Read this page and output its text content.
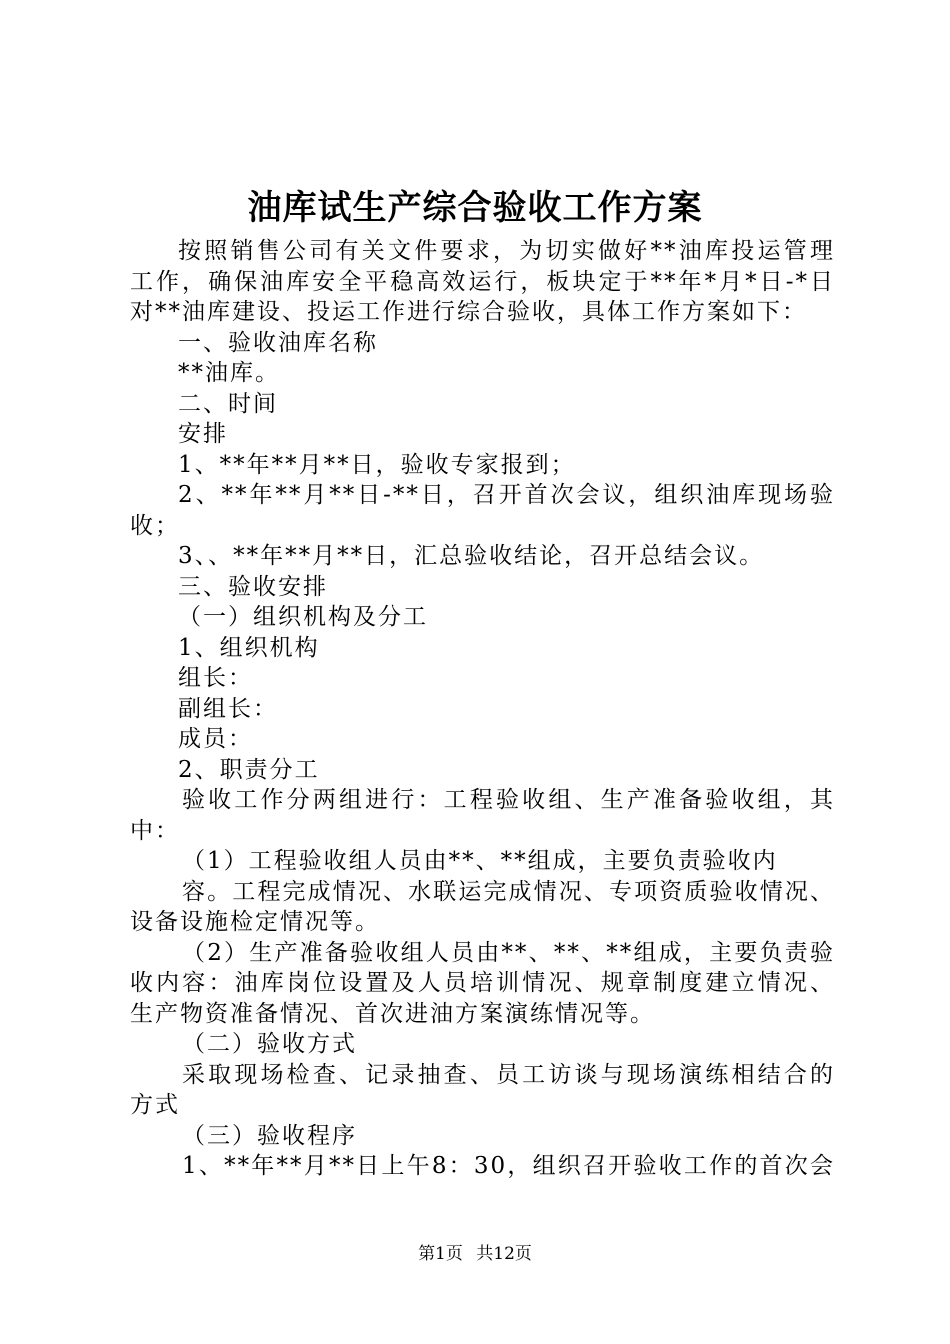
油库试生产综合验收工作方案
按照销售公司有关文件要求，为切实做好**油库投运管理
工作，确保油库安全平稳高效运行，板块定于**年*月*日-*日
对**油库建设、投运工作进行综合验收，具体工作方案如下：
一、验收油库名称
**油库。
二、时间
安排
1、**年**月**日，验收专家报到；
2、**年**月**日-**日，召开首次会议，组织油库现场验
收；
3、、**年**月**日，汇总验收结论，召开总结会议。
三、验收安排
（一）组织机构及分工
1、组织机构
组长：
副组长：
成员：
2、职责分工
验收工作分两组进行：工程验收组、生产准备验收组，其
中：
（1）工程验收组人员由**、**组成，主要负责验收内
容。工程完成情况、水联运完成情况、专项资质验收情况、
设备设施检定情况等。
（2）生产准备验收组人员由**、**、**组成，主要负责验
收内容：油库岗位设置及人员培训情况、规章制度建立情况、
生产物资准备情况、首次进油方案演练情况等。
（二）验收方式
采取现场检查、记录抽查、员工访谈与现场演练相结合的
方式
（三）验收程序
1、**年**月**日上午8：30，组织召开验收工作的首次会
第1页 共12页
